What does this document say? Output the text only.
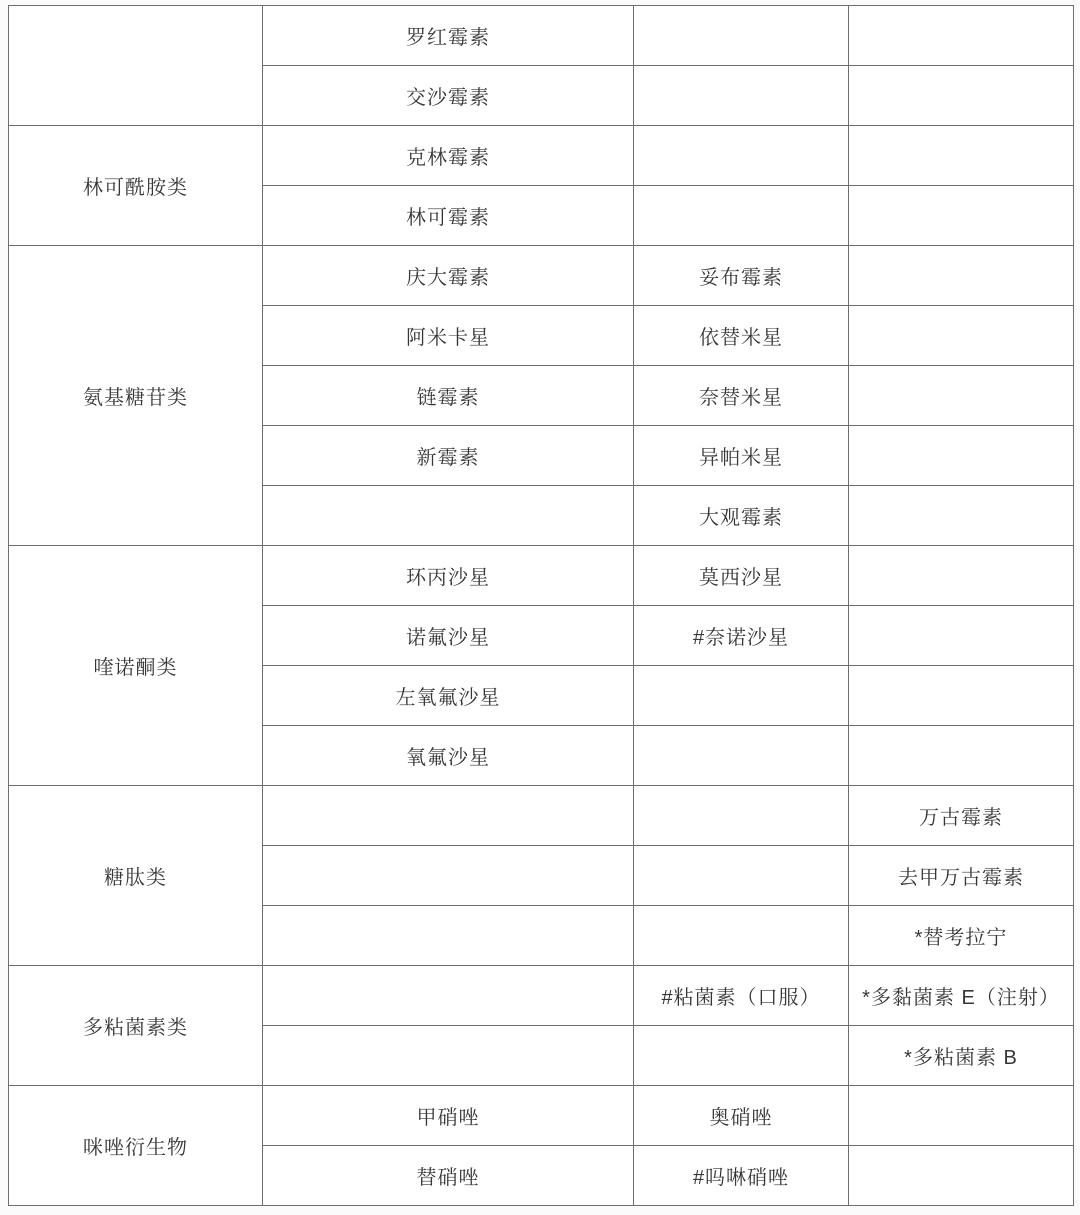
	罗红霉素		
	交沙霉素		
林可酰胺类	克林霉素		
	林可霉素		
氨基糖苷类	庆大霉素	妥布霉素	
	阿米卡星	依替米星	
	链霉素	奈替米星	
	新霉素	异帕米星	
		大观霉素	
喹诺酮类	环丙沙星	莫西沙星	
	诺氟沙星	#奈诺沙星	
	左氧氟沙星		
	氧氟沙星		
糖肽类			万古霉素
			去甲万古霉素
			*替考拉宁
多粘菌素类		#粘菌素（口服）	*多黏菌素 E（注射）
			*多粘菌素 B
咪唑衍生物	甲硝唑	奥硝唑	
	替硝唑	#吗啉硝唑	
